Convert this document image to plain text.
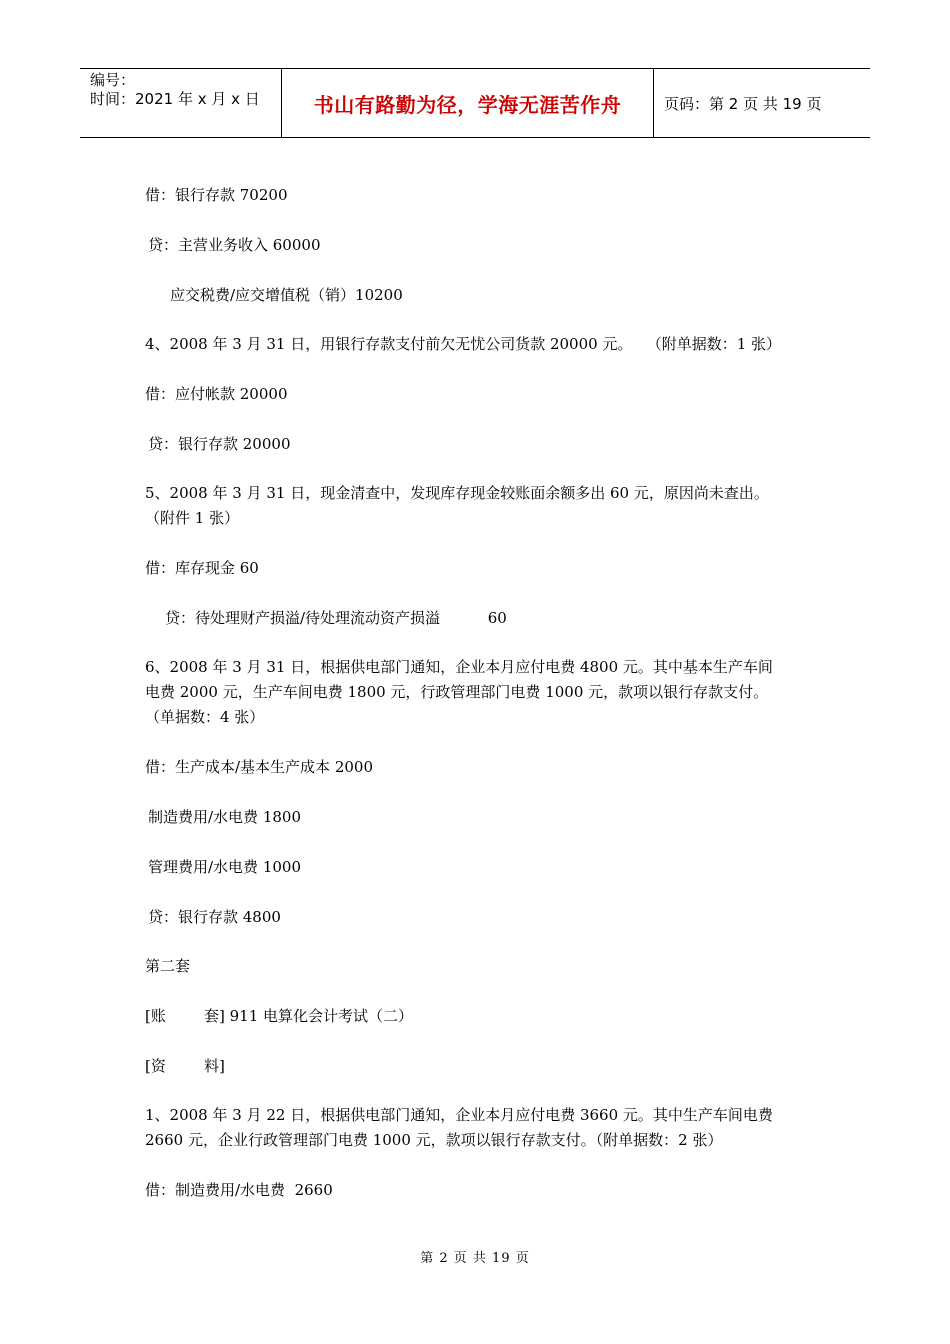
编号：
时间：2021 年 x 月 x 日	书山有路勤为径，学海无涯苦作舟	页码：第 2 页 共 19 页
借：银行存款 70200
贷：主营业务收入 60000
应交税费/应交增值税（销）10200
4、2008 年 3 月 31 日，用银行存款支付前欠无忧公司货款 20000 元。   （附单据数：1 张）
借：应付帐款 20000
贷：银行存款 20000
5、2008 年 3 月 31 日，现金清查中，发现库存现金较账面余额多出 60 元，原因尚未查出。
（附件 1 张）
借：库存现金 60
贷：待处理财产损溢/待处理流动资产损溢          60
6、2008 年 3 月 31 日，根据供电部门通知，企业本月应付电费 4800 元。其中基本生产车间
电费 2000 元，生产车间电费 1800 元，行政管理部门电费 1000 元，款项以银行存款支付。
（单据数：4 张）
借：生产成本/基本生产成本 2000
制造费用/水电费 1800
管理费用/水电费 1000
贷：银行存款 4800
第二套
[账        套] 911 电算化会计考试（二）
[资        料]
1、2008 年 3 月 22 日，根据供电部门通知，企业本月应付电费 3660 元。其中生产车间电费
2660 元，企业行政管理部门电费 1000 元，款项以银行存款支付。（附单据数：2 张）
借：制造费用/水电费  2660
第 2 页 共 19 页
